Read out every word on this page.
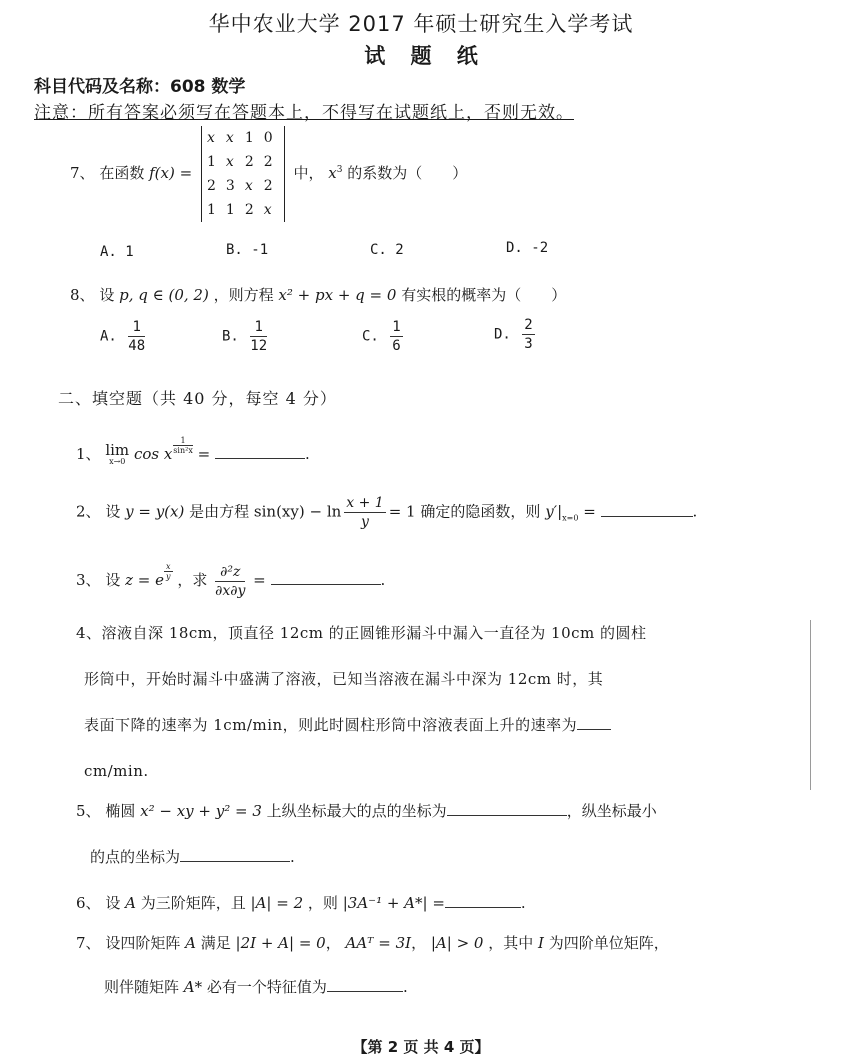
华中农业大学 2017 年硕士研究生入学考试
试 题 纸
科目代码及名称：608 数学
注意：所有答案必须写在答题本上，不得写在试题纸上，否则无效。
7、 在函数 f(x) =
x	x	1	0
1	x	2	2
2	3	x	2
1	1	2	x
中， $x^3$ 的系数为（　　）
A. 1	B. -1	C. 2	D. -2
8、 设 p, q ∈ (0, 2) ，则方程 x² + px + q = 0 有实根的概率为（　　）
A. $\frac{1}{48}$	B. $\frac{1}{12}$	C. $\frac{1}{6}$	D. $\frac{2}{3}$
二、填空题（共 40 分，每空 4 分）
1、 lim
x→0 cos x $\frac{1}{\text{sin²x}}$ =	.
2、 设 y = y(x) 是由方程 $\sin(xy) - \ln \frac{x + 1}{y} = 1$ 确定的隐函数，则 $y'|_{x=0}$ =	.
3、 设 z = e $\frac{x}{y}$ ，求 $\frac{\text{∂²z}}{\partial x\partial y}$ =	.
4、溶液自深 18cm，顶直径 12cm 的正圆锥形漏斗中漏入一直径为 10cm 的圆柱
形筒中，开始时漏斗中盛满了溶液，已知当溶液在漏斗中深为 12cm 时，其
表面下降的速率为 1cm/min，则此时圆柱形筒中溶液表面上升的速率为
cm/min.
5、 椭圆 x² − xy + y² = 3 上纵坐标最大的点的坐标为	，纵坐标最小
的点的坐标为	.
6、 设 A 为三阶矩阵，且 |A| = 2 ，则 |3A⁻¹ + A*| =	.
7、 设四阶矩阵 A 满足 |2I + A| = 0， AAᵀ = 3I， |A| > 0 ，其中 I 为四阶单位矩阵，
则伴随矩阵 A* 必有一个特征值为	.
【第 2 页 共 4 页】
